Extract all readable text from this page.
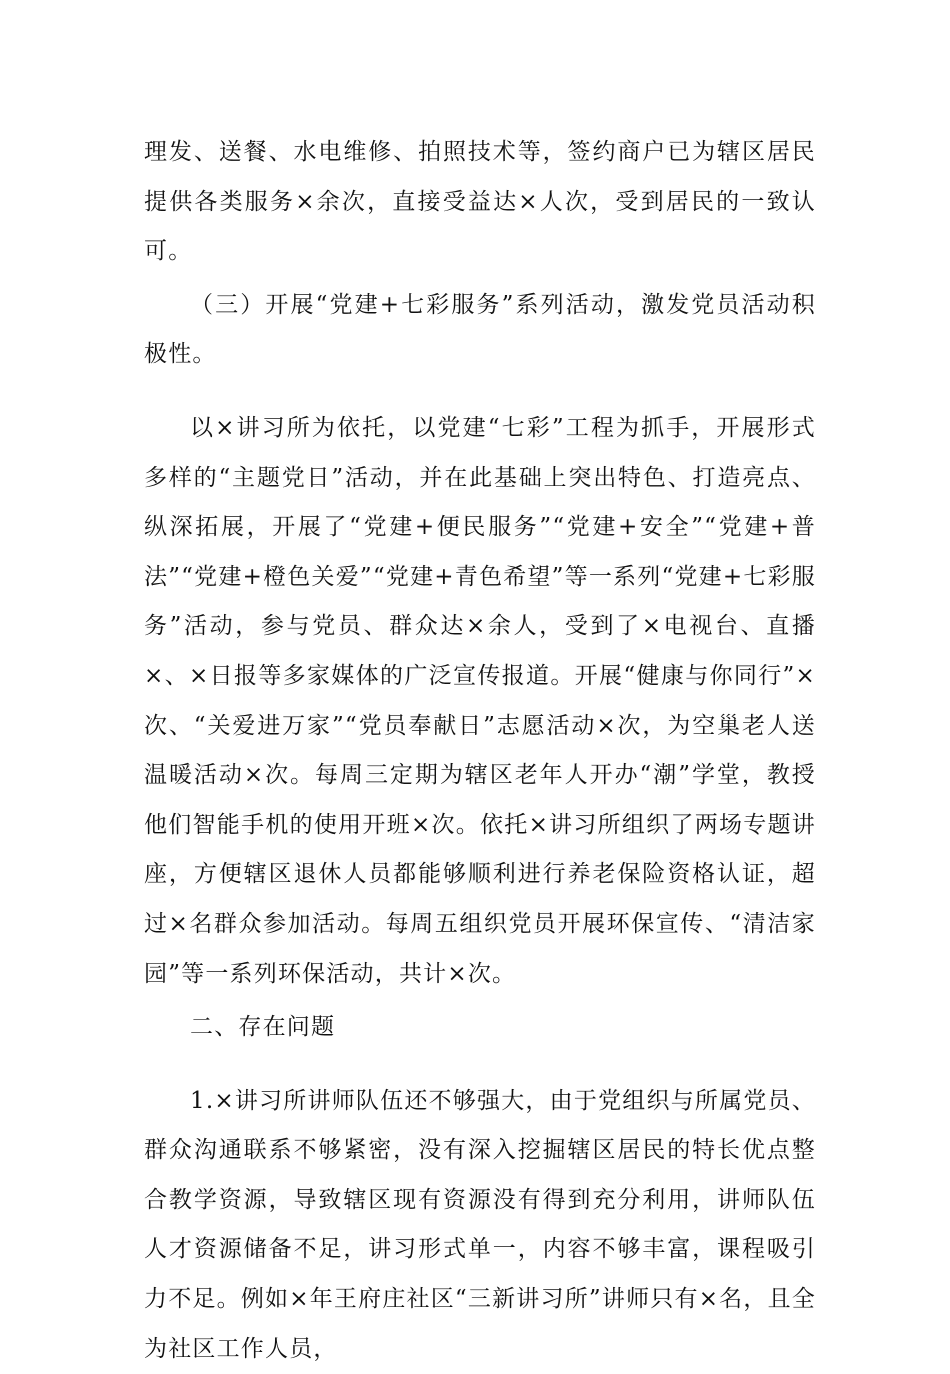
理发、送餐、水电维修、拍照技术等，签约商户已为辖区居民提供各类服务×余次，直接受益达×人次，受到居民的一致认可。

（三）开展“党建+七彩服务”系列活动，激发党员活动积极性。

以×讲习所为依托，以党建“七彩”工程为抓手，开展形式多样的“主题党日”活动，并在此基础上突出特色、打造亮点、纵深拓展，开展了“党建+便民服务”“党建+安全”“党建+普法”“党建+橙色关爱”“党建+青色希望”等一系列“党建+七彩服务”活动，参与党员、群众达×余人，受到了×电视台、直播×、×日报等多家媒体的广泛宣传报道。开展“健康与你同行”×次、“关爱进万家”“党员奉献日”志愿活动×次，为空巢老人送温暖活动×次。每周三定期为辖区老年人开办“潮”学堂，教授他们智能手机的使用开班×次。依托×讲习所组织了两场专题讲座，方便辖区退休人员都能够顺利进行养老保险资格认证，超过×名群众参加活动。每周五组织党员开展环保宣传、“清洁家园”等一系列环保活动，共计×次。

二、存在问题

1.×讲习所讲师队伍还不够强大，由于党组织与所属党员、群众沟通联系不够紧密，没有深入挖掘辖区居民的特长优点整合教学资源，导致辖区现有资源没有得到充分利用，讲师队伍人才资源储备不足，讲习形式单一，内容不够丰富，课程吸引力不足。例如×年王府庄社区“三新讲习所”讲师只有×名，且全为社区工作人员，
